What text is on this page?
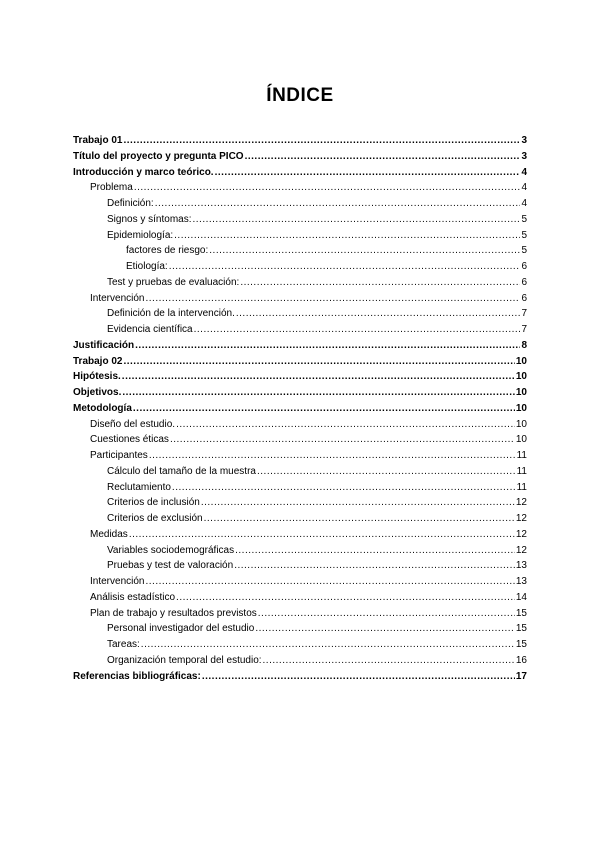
ÍNDICE
Trabajo 01 .....	3
Título del proyecto y pregunta PICO .....	3
Introducción y marco teórico. .....	4
Problema .....	4
Definición: .....	4
Signos y síntomas: .....	5
Epidemiología: .....	5
factores de riesgo: .....	5
Etiología: .....	6
Test y pruebas de evaluación: .....	6
Intervención .....	6
Definición de la intervención. .....	7
Evidencia científica .....	7
Justificación .....	8
Trabajo 02 .....	10
Hipótesis. .....	10
Objetivos. .....	10
Metodología .....	10
Diseño del estudio. .....	10
Cuestiones éticas .....	10
Participantes .....	11
Cálculo del tamaño de la muestra .....	11
Reclutamiento .....	11
Criterios de inclusión .....	12
Criterios de exclusión .....	12
Medidas .....	12
Variables sociodemográficas .....	12
Pruebas y test de valoración .....	13
Intervención .....	13
Análisis estadístico .....	14
Plan de trabajo y resultados previstos .....	15
Personal investigador del estudio .....	15
Tareas: .....	15
Organización temporal del estudio: .....	16
Referencias bibliográficas: .....	17
